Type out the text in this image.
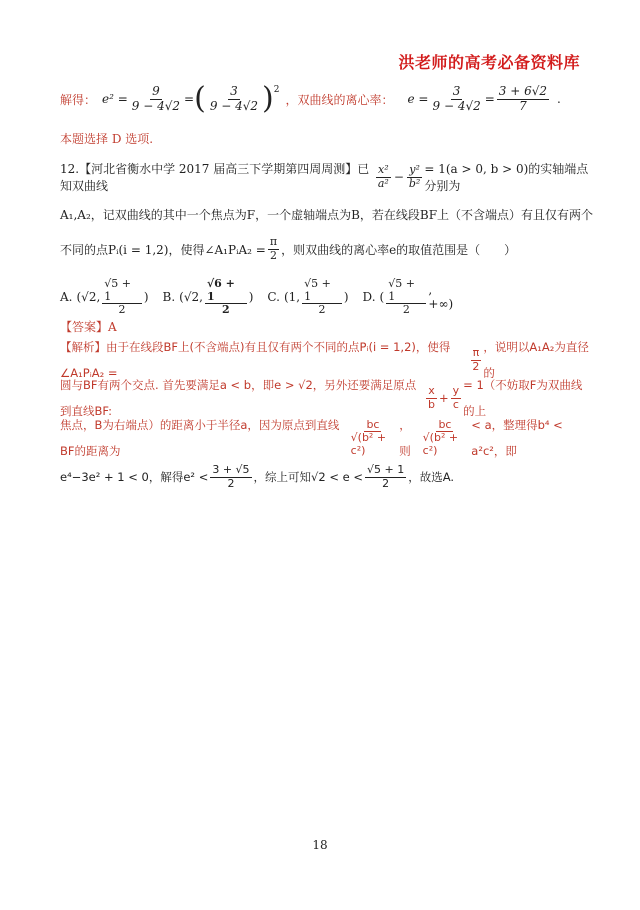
洪老师的高考必备资料库
解得： $e^2 = \frac{9}{9 - 4√2}$ = ( $\frac{3}{9 - 4√2} )^2$
，双曲线的离心率： $e = \frac{3}{9 - 4√2} = \frac{3 + 6√2}{7}$ .
本题选择 D 选项.
12.【河北省衡水中学 2017 届高三下学期第四周周测】已知双曲线	$\frac{\text{x²}}{\text{a²}} - \frac{\text{y²}}{\text{b²}} = 1(a > 0$, b > 0)的实轴端点分别为
A₁,A₂，记双曲线的其中一个焦点为F，一个虚轴端点为B，若在线段BF上（不含端点）有且仅有两个
不同的点Pᵢ(i = 1,2)，使得∠A₁PᵢA₂ = $\frac{\pi}{2}$ ，则双曲线的离心率e的取值范围是（　　）
A. (√2, $\frac{√5 + 1}{2}$ ) B. (√2, $\frac{√6 + 1}{2}$ ) C. (1, $\frac{√5 + 1}{2}$ ) D. ( $\frac{√5 + 1}{2}$ , +∞)
【答案】A
【解析】由于在线段BF上(不含端点)有且仅有两个不同的点Pᵢ(i = 1,2)，使得∠A₁PᵢA₂ =	$\frac{\pi}{2}$ ，说明以A₁A₂为直径的
圆与BF有两个交点. 首先要满足a < b，即e > √2，另外还要满足原点到直线BF:	$\frac{x}{b} + \frac{y}{c} = 1$（不妨取F为双曲线的上
焦点，B为右端点）的距离小于半径a，因为原点到直线BF的距离为	$\frac{bc}{\text{√(b² + c²)}}$ ，则 $\frac{bc}{\text{√(b² + c²)}} < a$，整理得b⁴ < a²c²，即
e⁴−3e² + 1 < 0，解得$e^2 < \frac{3 + √5}{2}$ ，综上可知$√2 < e < \frac{√5 + 1}{2}$ ，故选A.
18
